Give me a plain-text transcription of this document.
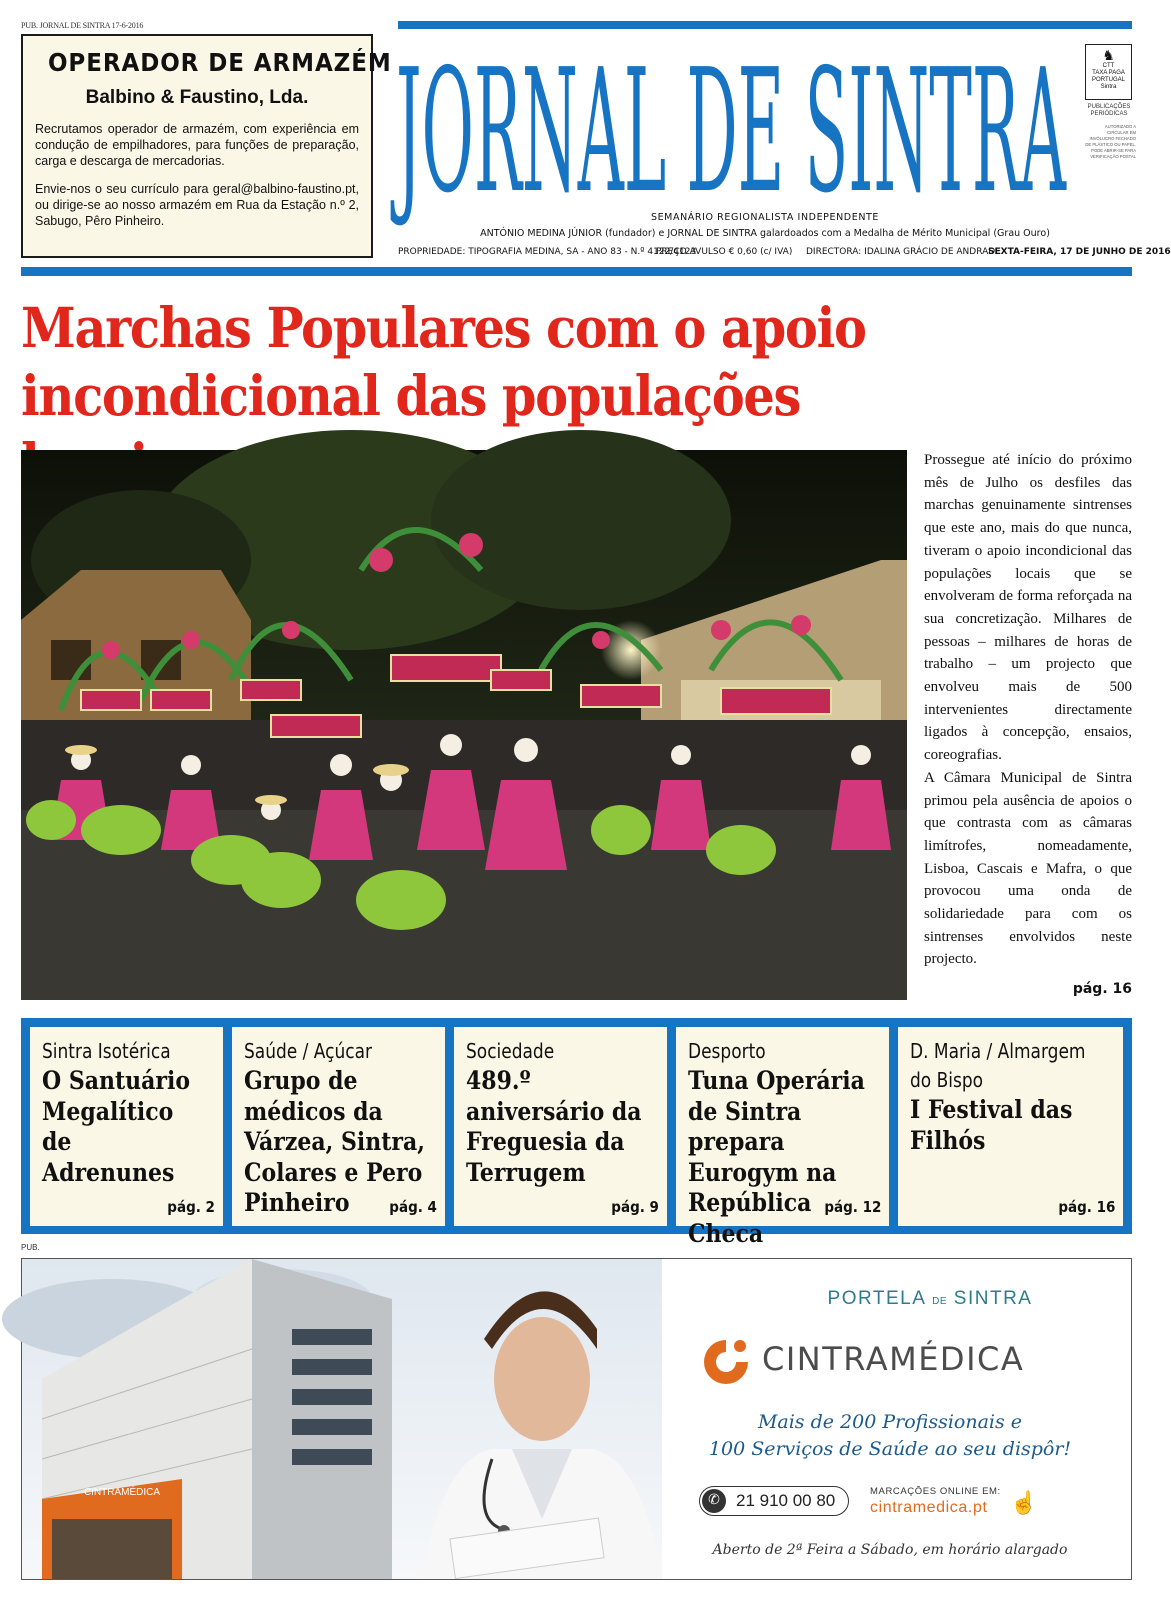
PUB. JORNAL DE SINTRA 17-6-2016
OPERADOR DE ARMAZÉM
Balbino & Faustino, Lda.
Recrutamos operador de armazém, com experiência em condução de empilhadores, para funções de preparação, carga e descarga de mercadorias.
Envie-nos o seu currículo para geral@balbino-faustino.pt, ou dirige-se ao nosso armazém em Rua da Estação n.º 2, Sabugo, Pêro Pinheiro.	JORNAL DE SINTRA	♞
CTT
TAXA PAGA
PORTUGAL
Sintra
PUBLICAÇÕES PERIÓDICAS
AUTORIZADO A CIRCULAR EM INVÓLUCRO FECHADO DE PLÁSTICO OU PAPEL. PODE ABRIR-SE PARA VERIFICAÇÃO POSTAL
SEMANÁRIO REGIONALISTA INDEPENDENTE
ANTÓNIO MEDINA JÚNIOR (fundador) e JORNAL DE SINTRA galardoados com a Medalha de Mérito Municipal (Grau Ouro)
PROPRIEDADE: TIPOGRAFIA MEDINA, SA - ANO 83 - N.º 4122/4123
PREÇO AVULSO € 0,60 (c/ IVA) DIRECTORA: IDALINA GRÁCIO DE ANDRADE
SEXTA-FEIRA, 17 DE JUNHO DE 2016
Marchas Populares com o apoio
incondicional das populações

Prossegue até início do próximo mês de Julho os desfiles das marchas genuinamente sintrenses que este ano, mais do que nunca, tiveram o apoio incondicional das populações locais que se envolveram de forma reforçada na sua concretização. Milhares de pessoas – milhares de horas de trabalho – um projecto que envolveu mais de 500 intervenientes directamente ligados à concepção, ensaios, coreografias.

A Câmara Municipal de Sintra primou pela ausência de apoios o que contrasta com as câmaras limítrofes, nomeadamente, Lisboa, Cascais e Mafra, o que provocou uma onda de solidariedade para com os sintrenses envolvidos neste projecto.

pág. 16
Sintra Isotérica
O Santuário Megalítico de Adrenunes
pág. 2
Saúde / Açúcar
Grupo de médicos da Várzea, Sintra, Colares e Pero Pinheiro	pág. 4
Sociedade
489.º aniversário da Freguesia da Terrugem
pág. 9
Desporto
Tuna Operária de Sintra prepara Eurogym na República Checa
pág. 12
D. Maria / Almargem
do Bispo
I Festival das Filhós
pág. 16
PUB.
CINTRAMÉDICA
PORTELA DE SINTRA
CINTRAMÉDICA
Mais de 200 Profissionais e
100 Serviços de Saúde ao seu dispôr!
✆ 21 910 00 80	MARCAÇÕES ONLINE EM:
cintramedica.pt ☝
Aberto de 2ª Feira a Sábado, em horário alargado
